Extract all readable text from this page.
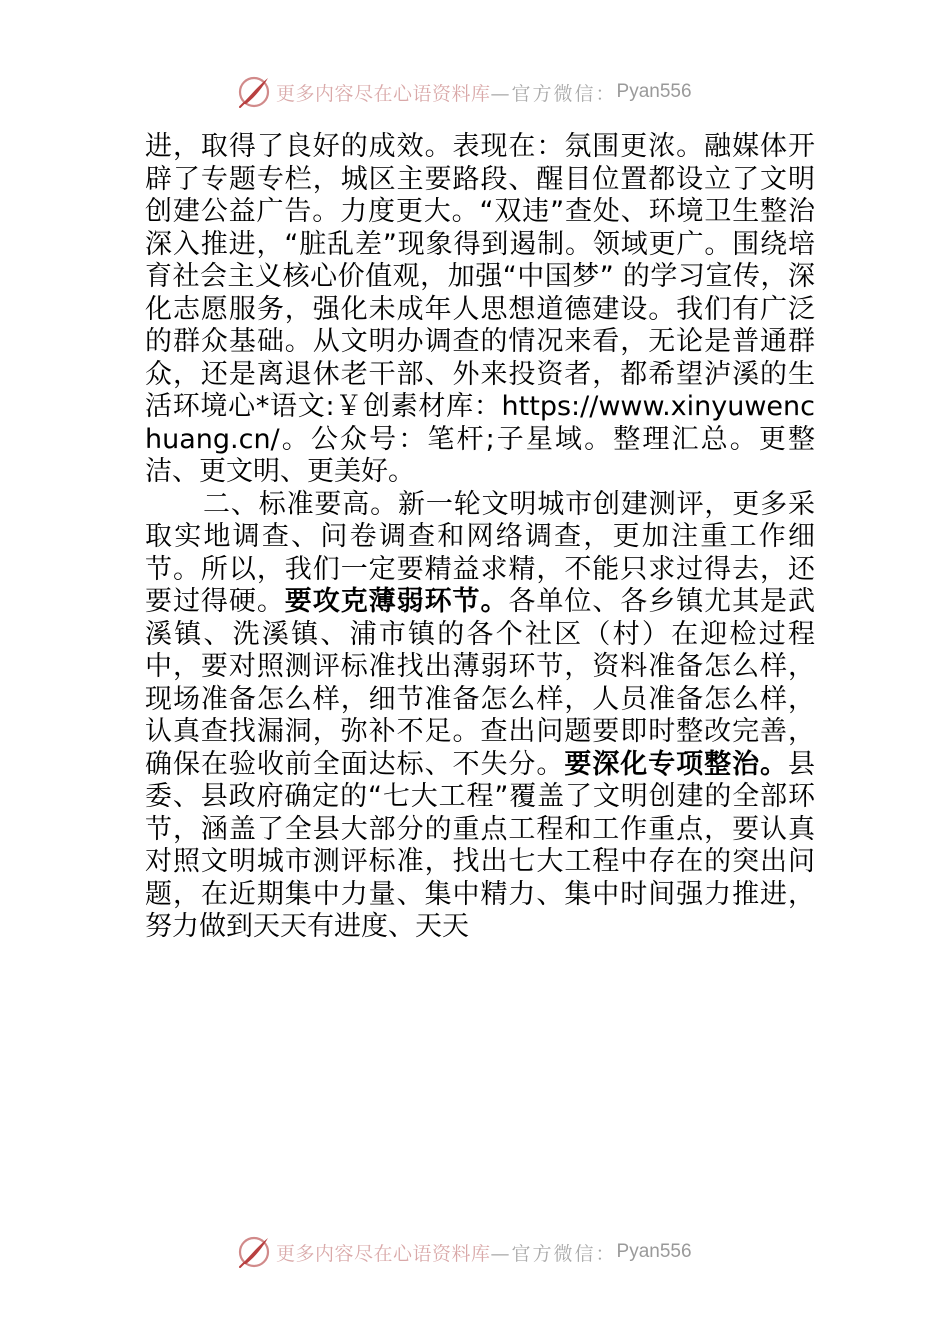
更多内容尽在心语资料库 —官方微信： Pyan556

进，取得了良好的成效。表现在：氛围更浓。融媒体开辟了专题专栏，城区主要路段、醒目位置都设立了文明创建公益广告。力度更大。“双违”查处、环境卫生整治深入推进，“脏乱差”现象得到遏制。领域更广。围绕培育社会主义核心价值观，加强“中国梦” 的学习宣传，深化志愿服务，强化未成年人思想道德建设。我们有广泛的群众基础。从文明办调查的情况来看，无论是普通群众，还是离退休老干部、外来投资者，都希望泸溪的生活环境心*语文:￥创素材库：https://www.xinyuwenchuang.cn/。公众号：笔杆;子星域。整理汇总。更整洁、更文明、更美好。

二、标准要高。新一轮文明城市创建测评，更多采取实地调查、问卷调查和网络调查，更加注重工作细节。所以，我们一定要精益求精，不能只求过得去，还要过得硬。要攻克薄弱环节。各单位、各乡镇尤其是武溪镇、洗溪镇、浦市镇的各个社区（村）在迎检过程中，要对照测评标准找出薄弱环节，资料准备怎么样，现场准备怎么样，细节准备怎么样，人员准备怎么样，认真查找漏洞，弥补不足。查出问题要即时整改完善，确保在验收前全面达标、不失分。要深化专项整治。县委、县政府确定的“七大工程”覆盖了文明创建的全部环节，涵盖了全县大部分的重点工程和工作重点，要认真对照文明城市测评标准，找出七大工程中存在的突出问题，在近期集中力量、集中精力、集中时间强力推进，努力做到天天有进度、天天

更多内容尽在心语资料库 —官方微信： Pyan556
